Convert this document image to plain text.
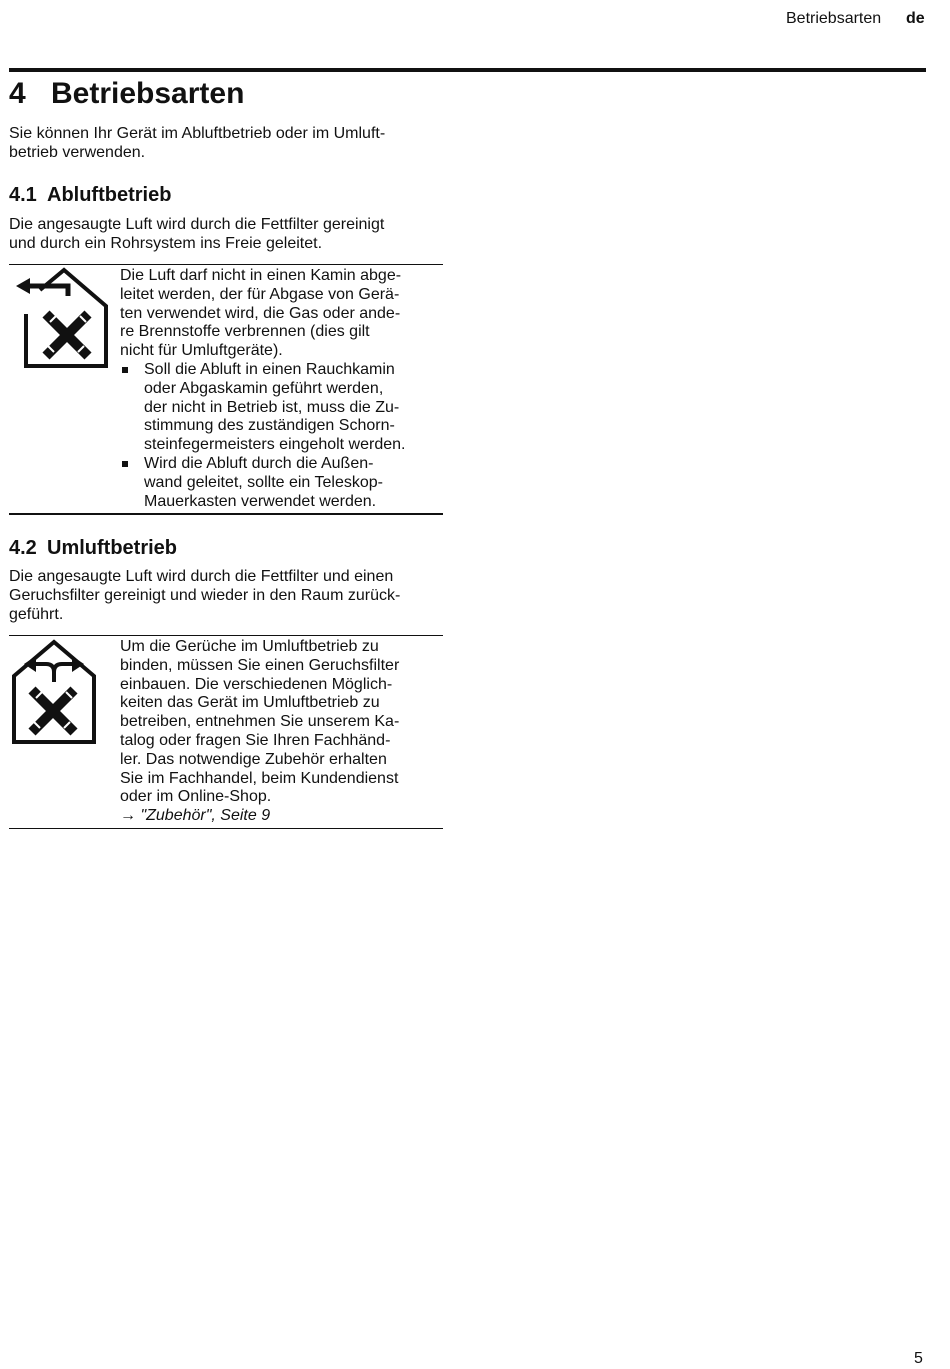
Betriebsarten de
4 Betriebsarten
Sie können Ihr Gerät im Abluftbetrieb oder im Umluft-
betrieb verwenden.
4.1 Abluftbetrieb
Die angesaugte Luft wird durch die Fettfilter gereinigt
und durch ein Rohrsystem ins Freie geleitet.
Die Luft darf nicht in einen Kamin abge-
leitet werden, der für Abgase von Gerä-
ten verwendet wird, die Gas oder ande-
re Brennstoffe verbrennen (dies gilt
nicht für Umluftgeräte).
Soll die Abluft in einen Rauchkamin
oder Abgaskamin geführt werden,
der nicht in Betrieb ist, muss die Zu-
stimmung des zuständigen Schorn-
steinfegermeisters eingeholt werden.
Wird die Abluft durch die Außen-
wand geleitet, sollte ein Teleskop-
Mauerkasten verwendet werden.
4.2 Umluftbetrieb
Die angesaugte Luft wird durch die Fettfilter und einen
Geruchsfilter gereinigt und wieder in den Raum zurück-
geführt.
Um die Gerüche im Umluftbetrieb zu
binden, müssen Sie einen Geruchsfilter
einbauen. Die verschiedenen Möglich-
keiten das Gerät im Umluftbetrieb zu
betreiben, entnehmen Sie unserem Ka-
talog oder fragen Sie Ihren Fachhänd-
ler. Das notwendige Zubehör erhalten
Sie im Fachhandel, beim Kundendienst
oder im Online-Shop.
→ "Zubehör", Seite 9
5
